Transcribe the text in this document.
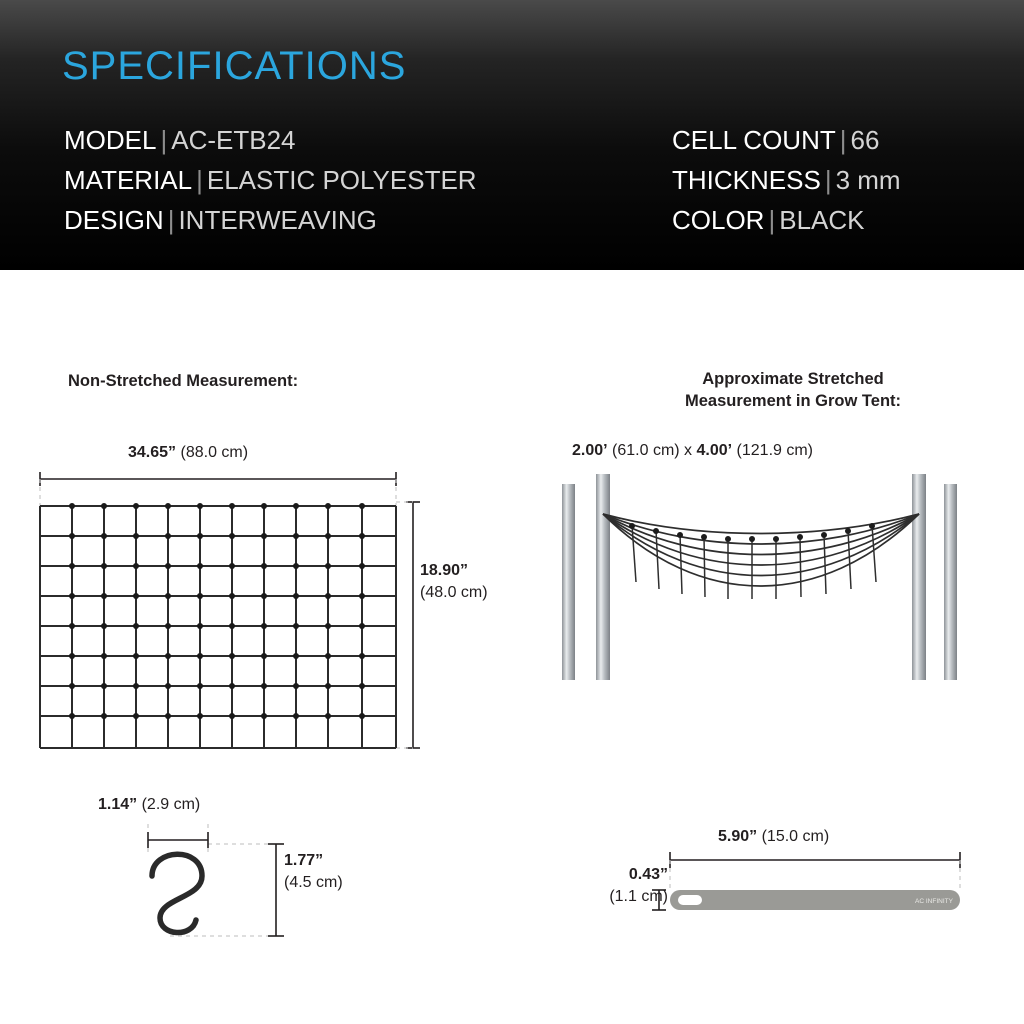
SPECIFICATIONS
MODEL | AC-ETB24
MATERIAL | ELASTIC POLYESTER
DESIGN | INTERWEAVING
CELL COUNT | 66
THICKNESS | 3 mm
COLOR | BLACK
Non-Stretched Measurement:	Approximate Stretched
Measurement in Grow Tent:
34.65” (88.0 cm)
18.90”
(48.0 cm)
2.00’ (61.0 cm) x 4.00’ (121.9 cm)
1.14” (2.9 cm)
1.77”
(4.5 cm)
5.90” (15.0 cm)
0.43”
(1.1 cm)	AC INFINITY
